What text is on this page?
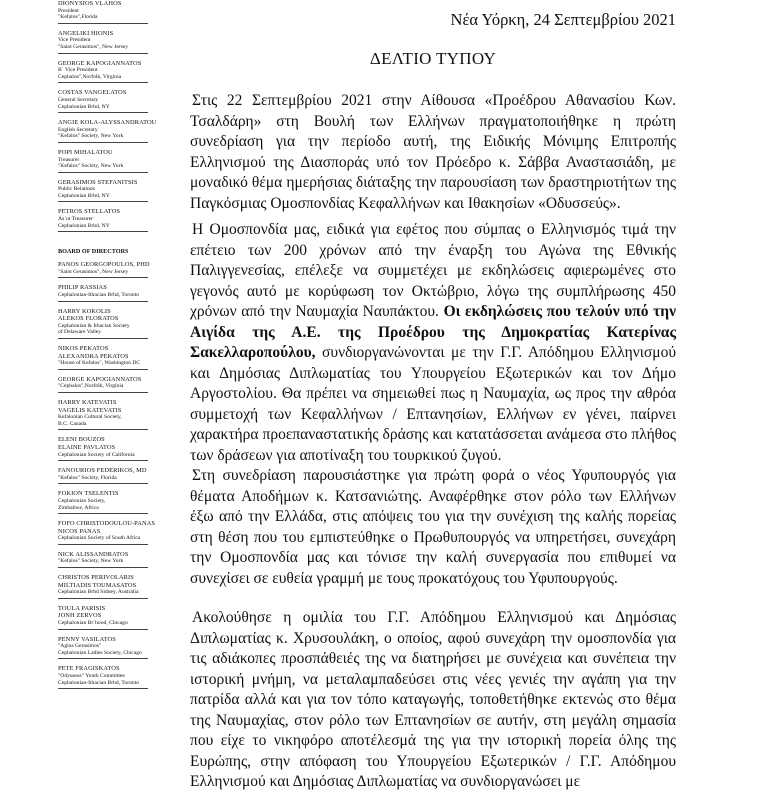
DIONYSIOS VLAHOS
President
"Kefalos",Florida
ANGELIKI HIONIS
Vice President
"Saint Gerasimos", New Jersey
GEORGE KAPOGIANNATOS
B΄ Vice President
Cephalos",Norfolk, Virginia
COSTAS VANGELATOS
General Secretary
Cephalonian Brhd, NY
ANGIE KOLA-ALYSSANDRATOU
English Secretary
"Kefalos" Society, New York
POPI MIHALATOU
Treasurer
"Kefalos" Society, New York
GERASIMOS STEFANITSIS
Public Relations
Cephalonian Brhd, NY
PETROS STELLATOS
As΄nt Treasurer
Cephalonian Brhd, NY
BOARD OF DIRECTORS
PANOS GEORGOPOULOS, PHD
"Saint Gerasimos", New Jersey
PHILIP RASSIAS
Cephalonian-Ithacian Brhd, Toronto
HARRY KOKOLIS
ALEKOS FLORATOS
Cephalonian & Ithacian Society
of Delaware Valley
NIKOS PEKATOS
ALEXANDRA PEKATOS
"House of Kefalos", Washington DC
GEORGE KAPOGIANNATOS
"Cephalos",Norfolk, Virginia
HARRY KATEVATIS
VAGELIS KATEVATIS
Kefalonian Cultural Society,
B.C. Canada
ELENI BOUZOS
ELAINE PAVLATOS
Cephalonian Society of California
FANOURIOS FEDERIKOS, MD
"Kefalos" Society, Florida
FOKION TSELENTIS
Cephalonian Society,
Zimbabwe, Africa
FOFO CHRISTODOULOU-PANAS
NICOS PANAS
Cephalonian Society of South Africa
NICK ALISSANDRATOS
"Kefalos" Society, New York
CHRISTOS PERIVOLARIS
MILTIADIS TOUMASATOS
Cephalonian Brhd Sidney, Australia
TOULA PARISIS
JONH ZERVOS
Cephalonian Br΄hood, Chicago
PENNY VASILATOS
"Agios Gerasimos"
Cephalonian Ladies Society, Chicago
PETE FRAGISKATOS
"Odysseus" Youth Committee
Cephalonian-Ithacian Brhd, Toronto
Νέα Υόρκη, 24 Σεπτεμβρίου 2021
ΔΕΛΤΙΟ ΤΥΠΟΥ
Στις 22 Σεπτεμβρίου 2021 στην Αίθουσα «Προέδρου Αθανασίου Κων. Τσαλδάρη» στη Βουλή των Ελλήνων πραγματοποιήθηκε η πρώτη συνεδρίαση για την περίοδο αυτή, της Ειδικής Μόνιμης Επιτροπής Ελληνισμού της Διασποράς υπό τον Πρόεδρο κ. Σάββα Αναστασιάδη, με μοναδικό θέμα ημερήσιας διάταξης την παρουσίαση των δραστηριοτήτων της Παγκόσμιας Ομοσπονδίας Κεφαλλήνων και Ιθακησίων «Οδυσσεύς».
Η Ομοσπονδία μας, ειδικά για εφέτος που σύμπας ο Ελληνισμός τιμά την επέτειο των 200 χρόνων από την έναρξη του Αγώνα της Εθνικής Παλιγγενεσίας, επέλεξε να συμμετέχει με εκδηλώσεις αφιερωμένες στο γεγονός αυτό με κορύφωση τον Οκτώβριο, λόγω της συμπλήρωσης 450 χρόνων από την Ναυμαχία Ναυπάκτου. Οι εκδηλώσεις που τελούν υπό την Αιγίδα της Α.Ε. της Προέδρου της Δημοκρατίας Κατερίνας Σακελλαροπούλου, συνδιοργανώνονται με την Γ.Γ. Απόδημου Ελληνισμού και Δημόσιας Διπλωματίας του Υπουργείου Εξωτερικών και τον Δήμο Αργοστολίου. Θα πρέπει να σημειωθεί πως η Ναυμαχία, ως προς την αθρόα συμμετοχή των Κεφαλλήνων / Επτανησίων, Ελλήνων εν γένει, παίρνει χαρακτήρα προεπαναστατικής δράσης και κατατάσσεται ανάμεσα στο πλήθος των δράσεων για αποτίναξη του τουρκικού ζυγού.
Στη συνεδρίαση παρουσιάστηκε για πρώτη φορά ο νέος Υφυπουργός για θέματα Αποδήμων κ. Κατσανιώτης. Αναφέρθηκε στον ρόλο των Ελλήνων έξω από την Ελλάδα, στις απόψεις του για την συνέχιση της καλής πορείας στη θέση που του εμπιστεύθηκε ο Πρωθυπουργός να υπηρετήσει, συνεχάρη την Ομοσπονδία μας και τόνισε την καλή συνεργασία που επιθυμεί να συνεχίσει σε ευθεία γραμμή με τους προκατόχους του Υφυπουργούς.
Ακολούθησε η ομιλία του Γ.Γ. Απόδημου Ελληνισμού και Δημόσιας Διπλωματίας κ. Χρυσουλάκη, ο οποίος, αφού συνεχάρη την ομοσπονδία για τις αδιάκοπες προσπάθειές της να διατηρήσει με συνέχεια και συνέπεια την ιστορική μνήμη, να μεταλαμπαδεύσει στις νέες γενιές την αγάπη για την πατρίδα αλλά και για τον τόπο καταγωγής, τοποθετήθηκε εκτενώς στο θέμα της Ναυμαχίας, στον ρόλο των Επτανησίων σε αυτήν, στη μεγάλη σημασία που είχε το νικηφόρο αποτέλεσμά της για την ιστορική πορεία όλης της Ευρώπης, στην απόφαση του Υπουργείου Εξωτερικών / Γ.Γ. Απόδημου Ελληνισμού και Δημόσιας Διπλωματίας να συνδιοργανώσει με
